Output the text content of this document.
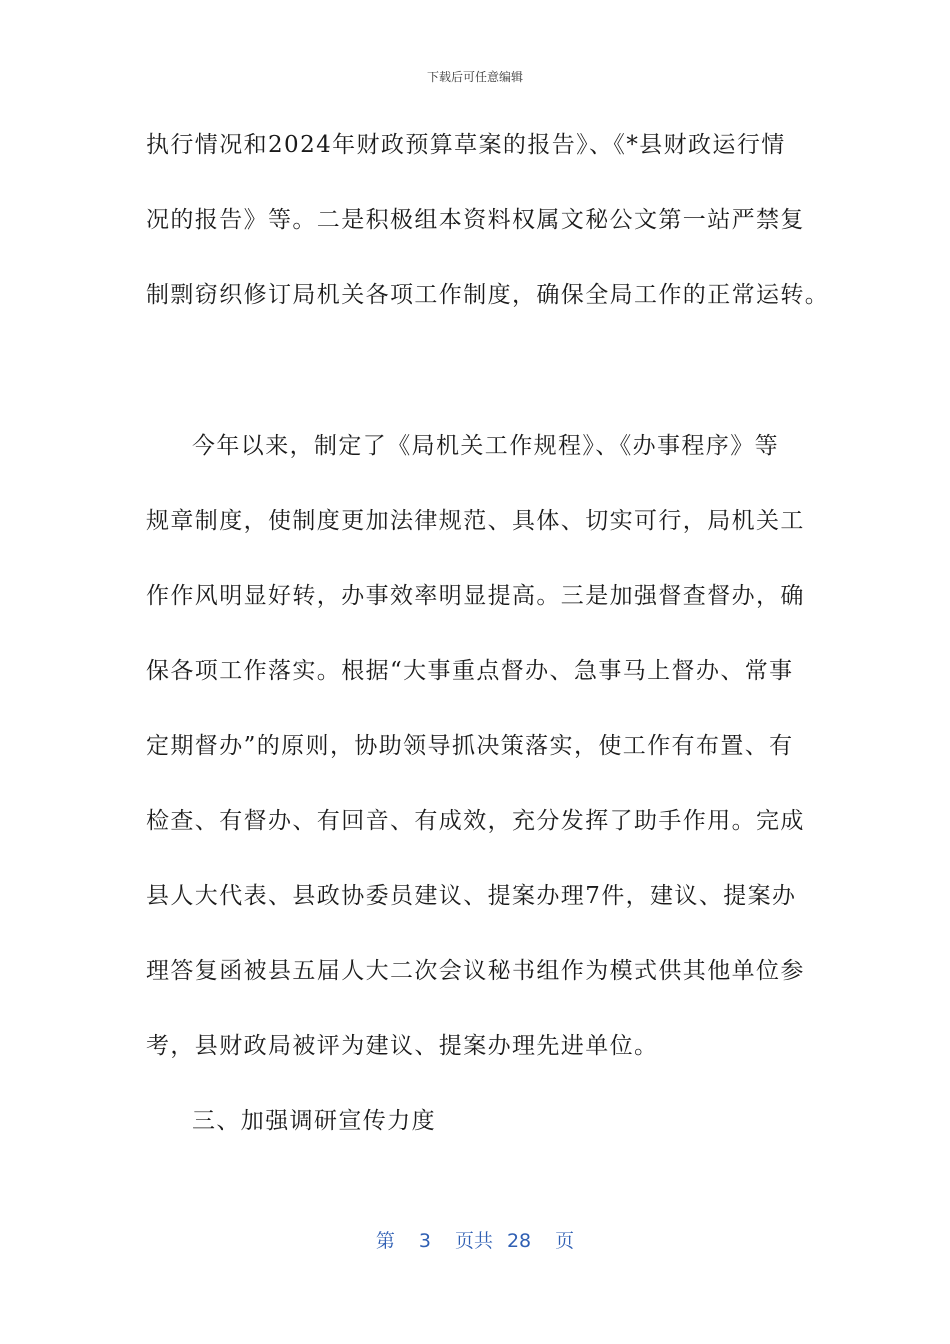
下载后可任意编辑
执行情况和2024年财政预算草案的报告》、《*县财政运行情
况的报告》等。二是积极组本资料权属文秘公文第一站严禁复
制剽窃织修订局机关各项工作制度，确保全局工作的正常运转。
今年以来，制定了《局机关工作规程》、《办事程序》等
规章制度，使制度更加法律规范、具体、切实可行，局机关工
作作风明显好转，办事效率明显提高。三是加强督查督办，确
保各项工作落实。根据“大事重点督办、急事马上督办、常事
定期督办”的原则，协助领导抓决策落实，使工作有布置、有
检查、有督办、有回音、有成效，充分发挥了助手作用。完成
县人大代表、县政协委员建议、提案办理7件，建议、提案办
理答复函被县五届人大二次会议秘书组作为模式供其他单位参
考，县财政局被评为建议、提案办理先进单位。
三、加强调研宣传力度
第 3 页共 28 页
